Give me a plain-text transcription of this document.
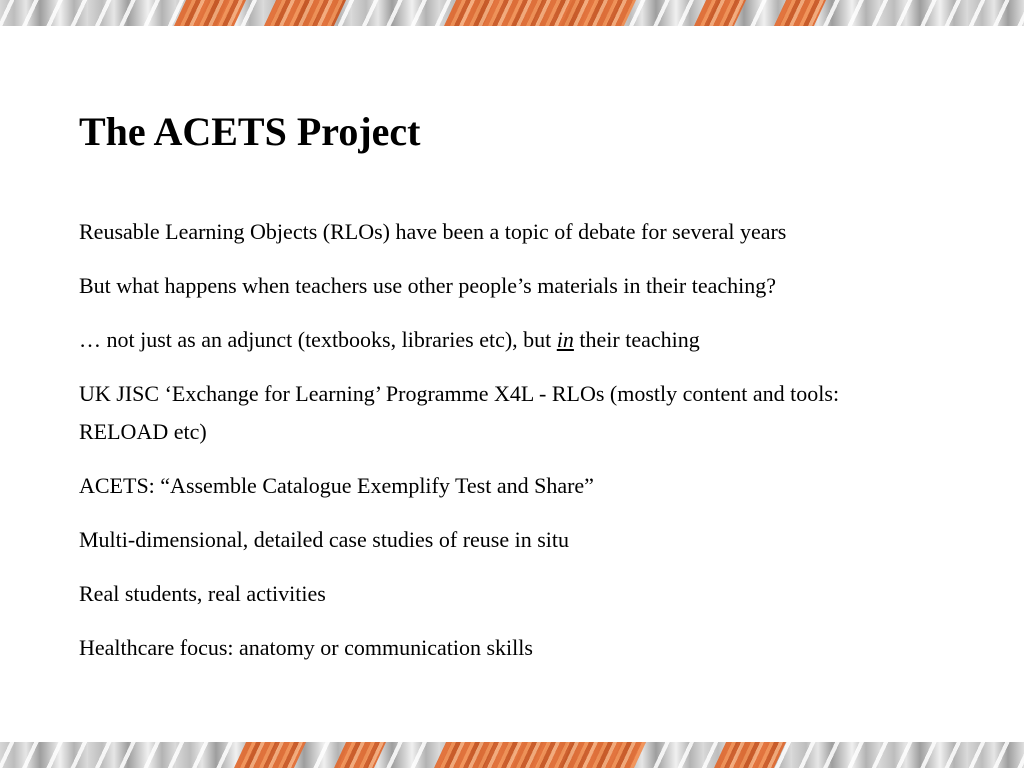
The ACETS Project
Reusable Learning Objects (RLOs) have been a topic of debate for several years
But what happens when teachers use other people’s materials in their teaching?
… not just as an adjunct (textbooks, libraries etc), but in their teaching
UK JISC ‘Exchange for Learning’ Programme X4L - RLOs (mostly content and tools: RELOAD etc)
ACETS: “Assemble Catalogue Exemplify Test and Share”
Multi-dimensional, detailed case studies of reuse in situ
Real students, real activities
Healthcare focus: anatomy or communication skills
